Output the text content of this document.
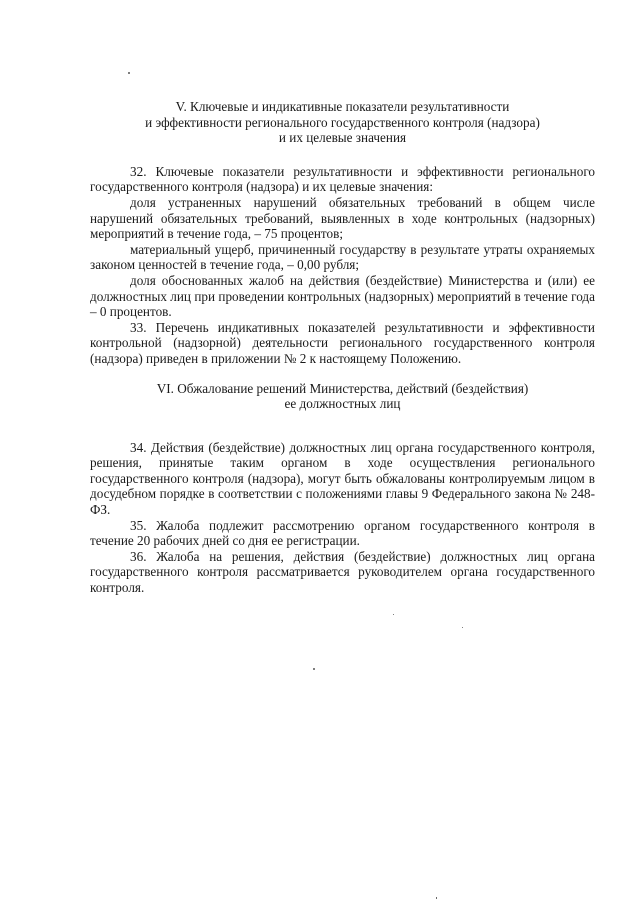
V. Ключевые и индикативные показатели результативности
и эффективности регионального государственного контроля (надзора)
и их целевые значения

32. Ключевые показатели результативности и эффективности регионального государственного контроля (надзора) и их целевые значения:

доля устраненных нарушений обязательных требований в общем числе нарушений обязательных требований, выявленных в ходе контрольных (надзорных) мероприятий в течение года, – 75 процентов;

материальный ущерб, причиненный государству в результате утраты охраняемых законом ценностей в течение года, – 0,00 рубля;

доля обоснованных жалоб на действия (бездействие) Министерства и (или) ее должностных лиц при проведении контрольных (надзорных) мероприятий в течение года – 0 процентов.

33. Перечень индикативных показателей результативности и эффективности контрольной (надзорной) деятельности регионального государственного контроля (надзора) приведен в приложении № 2 к настоящему Положению.

VI. Обжалование решений Министерства, действий (бездействия)
ее должностных лиц

34. Действия (бездействие) должностных лиц органа государственного контроля, решения, принятые таким органом в ходе осуществления регионального государственного контроля (надзора), могут быть обжалованы контролируемым лицом в досудебном порядке в соответствии с положениями главы 9 Федерального закона № 248-ФЗ.

35. Жалоба подлежит рассмотрению органом государственного контроля в течение 20 рабочих дней со дня ее регистрации.

36. Жалоба на решения, действия (бездействие) должностных лиц органа государственного контроля рассматривается руководителем органа государственного контроля.
